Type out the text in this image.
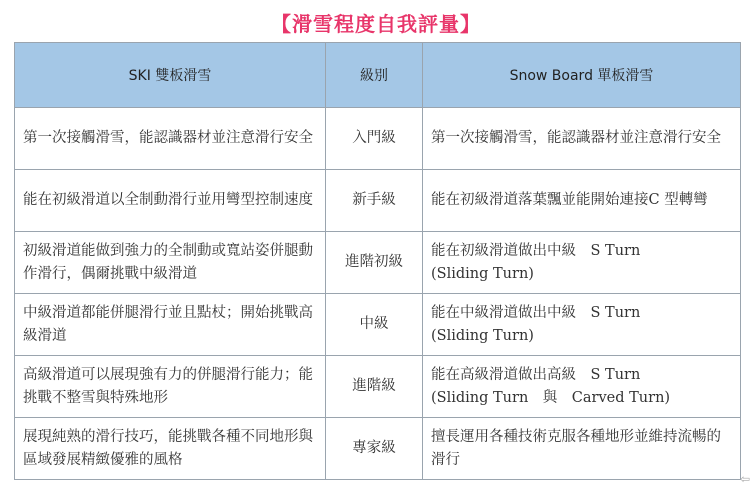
【滑雪程度自我評量】
SKI 雙板滑雪	級別	Snow Board 單板滑雪
第一次接觸滑雪，能認識器材並注意滑行安全	入門級	第一次接觸滑雪，能認識器材並注意滑行安全
能在初級滑道以全制動滑行並用彎型控制速度	新手級	能在初級滑道落葉飄並能開始連接C 型轉彎
初級滑道能做到強力的全制動或寬站姿併腿動作滑行，偶爾挑戰中級滑道	進階初級	能在初級滑道做出中級　S Turn
(Sliding Turn)

中級滑道都能併腿滑行並且點杖；開始挑戰高級滑道	中級	能在中級滑道做出中級　S Turn
(Sliding Turn)

高級滑道可以展現強有力的併腿滑行能力；能挑戰不整雪與特殊地形	進階級	能在高級滑道做出高級　S Turn
(Sliding Turn　與　Carved Turn)

展現純熟的滑行技巧，能挑戰各種不同地形與區域發展精緻優雅的風格	專家級	擅長運用各種技術克服各種地形並維持流暢的滑行
⇦
